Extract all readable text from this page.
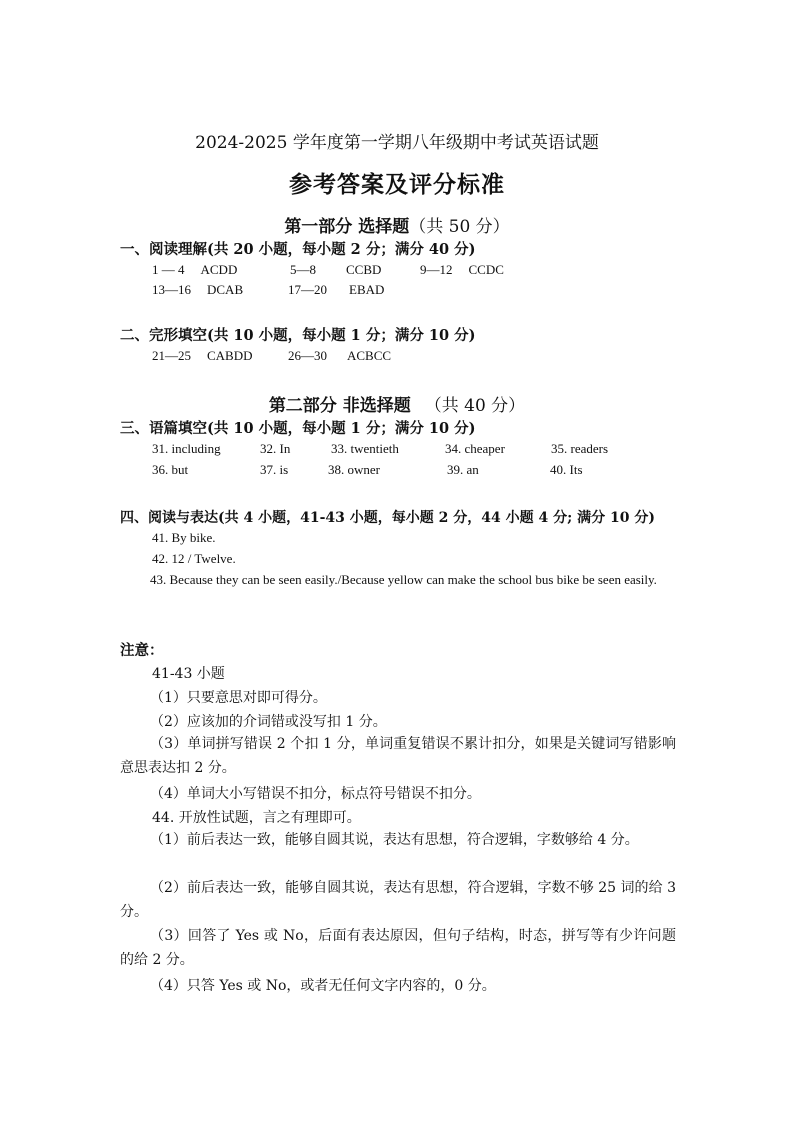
2024-2025 学年度第一学期八年级期中考试英语试题
参考答案及评分标准
第一部分 选择题（共 50 分）
一、阅读理解(共 20 小题，每小题 2 分；满分 40 分)
1 — 4 ACDD	5—8 CCBD	9—12 CCDC
13—16 DCAB	17—20 EBAD
二、完形填空(共 10 小题，每小题 1 分；满分 10 分)
21—25 CABDD	26—30 ACBCC
第二部分 非选择题 （共 40 分）
三、语篇填空(共 10 小题，每小题 1 分；满分 10 分)
31. including	32. In	33. twentieth	34. cheaper	35. readers
36. but	37. is	38. owner	39. an	40. Its
四、阅读与表达(共 4 小题，41-43 小题，每小题 2 分，44 小题 4 分; 满分 10 分)
41. By bike.
42. 12 / Twelve.
43. Because they can be seen easily./Because yellow can make the school bus bike be seen easily.
注意：
41-43 小题
（1）只要意思对即可得分。
（2）应该加的介词错或没写扣 1 分。
（3）单词拼写错误 2 个扣 1 分，单词重复错误不累计扣分，如果是关键词写错影响意思表达扣 2 分。
（4）单词大小写错误不扣分，标点符号错误不扣分。
44. 开放性试题，言之有理即可。
（1）前后表达一致，能够自圆其说，表达有思想，符合逻辑，字数够给 4 分。
（2）前后表达一致，能够自圆其说，表达有思想，符合逻辑，字数不够 25 词的给 3 分。
（3）回答了 Yes 或 No，后面有表达原因，但句子结构，时态，拼写等有少许问题的给 2 分。
（4）只答 Yes 或 No，或者无任何文字内容的，0 分。
